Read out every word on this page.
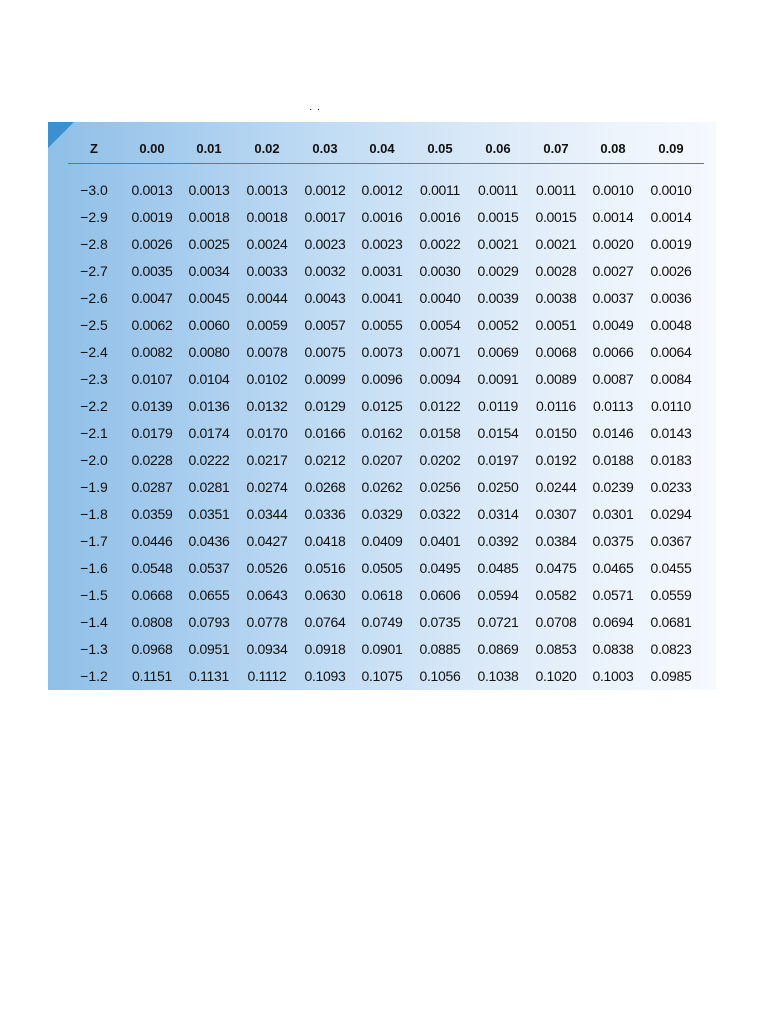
· ·
Z	0.00	0.01	0.02	0.03	0.04	0.05	0.06	0.07	0.08	0.09
−3.0	0.0013	0.0013	0.0013	0.0012	0.0012	0.0011	0.0011	0.0011	0.0010	0.0010
−2.9	0.0019	0.0018	0.0018	0.0017	0.0016	0.0016	0.0015	0.0015	0.0014	0.0014
−2.8	0.0026	0.0025	0.0024	0.0023	0.0023	0.0022	0.0021	0.0021	0.0020	0.0019
−2.7	0.0035	0.0034	0.0033	0.0032	0.0031	0.0030	0.0029	0.0028	0.0027	0.0026
−2.6	0.0047	0.0045	0.0044	0.0043	0.0041	0.0040	0.0039	0.0038	0.0037	0.0036
−2.5	0.0062	0.0060	0.0059	0.0057	0.0055	0.0054	0.0052	0.0051	0.0049	0.0048
−2.4	0.0082	0.0080	0.0078	0.0075	0.0073	0.0071	0.0069	0.0068	0.0066	0.0064
−2.3	0.0107	0.0104	0.0102	0.0099	0.0096	0.0094	0.0091	0.0089	0.0087	0.0084
−2.2	0.0139	0.0136	0.0132	0.0129	0.0125	0.0122	0.0119	0.0116	0.0113	0.0110
−2.1	0.0179	0.0174	0.0170	0.0166	0.0162	0.0158	0.0154	0.0150	0.0146	0.0143
−2.0	0.0228	0.0222	0.0217	0.0212	0.0207	0.0202	0.0197	0.0192	0.0188	0.0183
−1.9	0.0287	0.0281	0.0274	0.0268	0.0262	0.0256	0.0250	0.0244	0.0239	0.0233
−1.8	0.0359	0.0351	0.0344	0.0336	0.0329	0.0322	0.0314	0.0307	0.0301	0.0294
−1.7	0.0446	0.0436	0.0427	0.0418	0.0409	0.0401	0.0392	0.0384	0.0375	0.0367
−1.6	0.0548	0.0537	0.0526	0.0516	0.0505	0.0495	0.0485	0.0475	0.0465	0.0455
−1.5	0.0668	0.0655	0.0643	0.0630	0.0618	0.0606	0.0594	0.0582	0.0571	0.0559
−1.4	0.0808	0.0793	0.0778	0.0764	0.0749	0.0735	0.0721	0.0708	0.0694	0.0681
−1.3	0.0968	0.0951	0.0934	0.0918	0.0901	0.0885	0.0869	0.0853	0.0838	0.0823
−1.2	0.1151	0.1131	0.1112	0.1093	0.1075	0.1056	0.1038	0.1020	0.1003	0.0985
